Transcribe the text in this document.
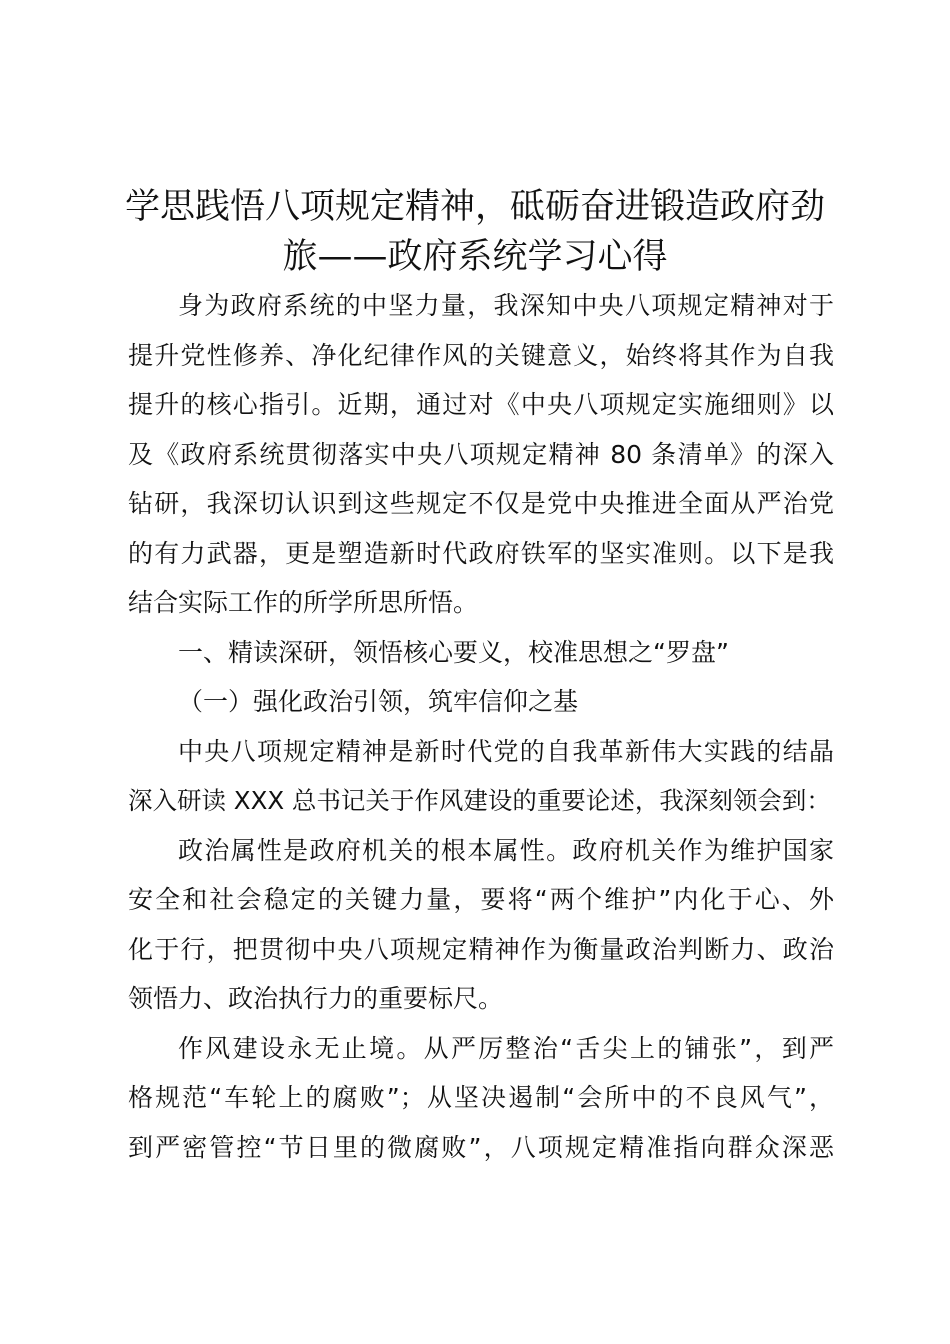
学思践悟八项规定精神，砥砺奋进锻造政府劲
旅——政府系统学习心得
身为政府系统的中坚力量，我深知中央八项规定精神对于
提升党性修养、净化纪律作风的关键意义，始终将其作为自我
提升的核心指引。近期，通过对《中央八项规定实施细则》以
及《政府系统贯彻落实中央八项规定精神 80 条清单》的深入
钻研，我深切认识到这些规定不仅是党中央推进全面从严治党
的有力武器，更是塑造新时代政府铁军的坚实准则。以下是我
结合实际工作的所学所思所悟。
一、精读深研，领悟核心要义，校准思想之“罗盘”
（一）强化政治引领，筑牢信仰之基
中央八项规定精神是新时代党的自我革新伟大实践的结晶
深入研读 XXX 总书记关于作风建设的重要论述，我深刻领会到：
政治属性是政府机关的根本属性。政府机关作为维护国家
安全和社会稳定的关键力量，要将“两个维护”内化于心、外
化于行，把贯彻中央八项规定精神作为衡量政治判断力、政治
领悟力、政治执行力的重要标尺。
作风建设永无止境。从严厉整治“舌尖上的铺张”，到严
格规范“车轮上的腐败”；从坚决遏制“会所中的不良风气”，
到严密管控“节日里的微腐败”，八项规定精准指向群众深恶
